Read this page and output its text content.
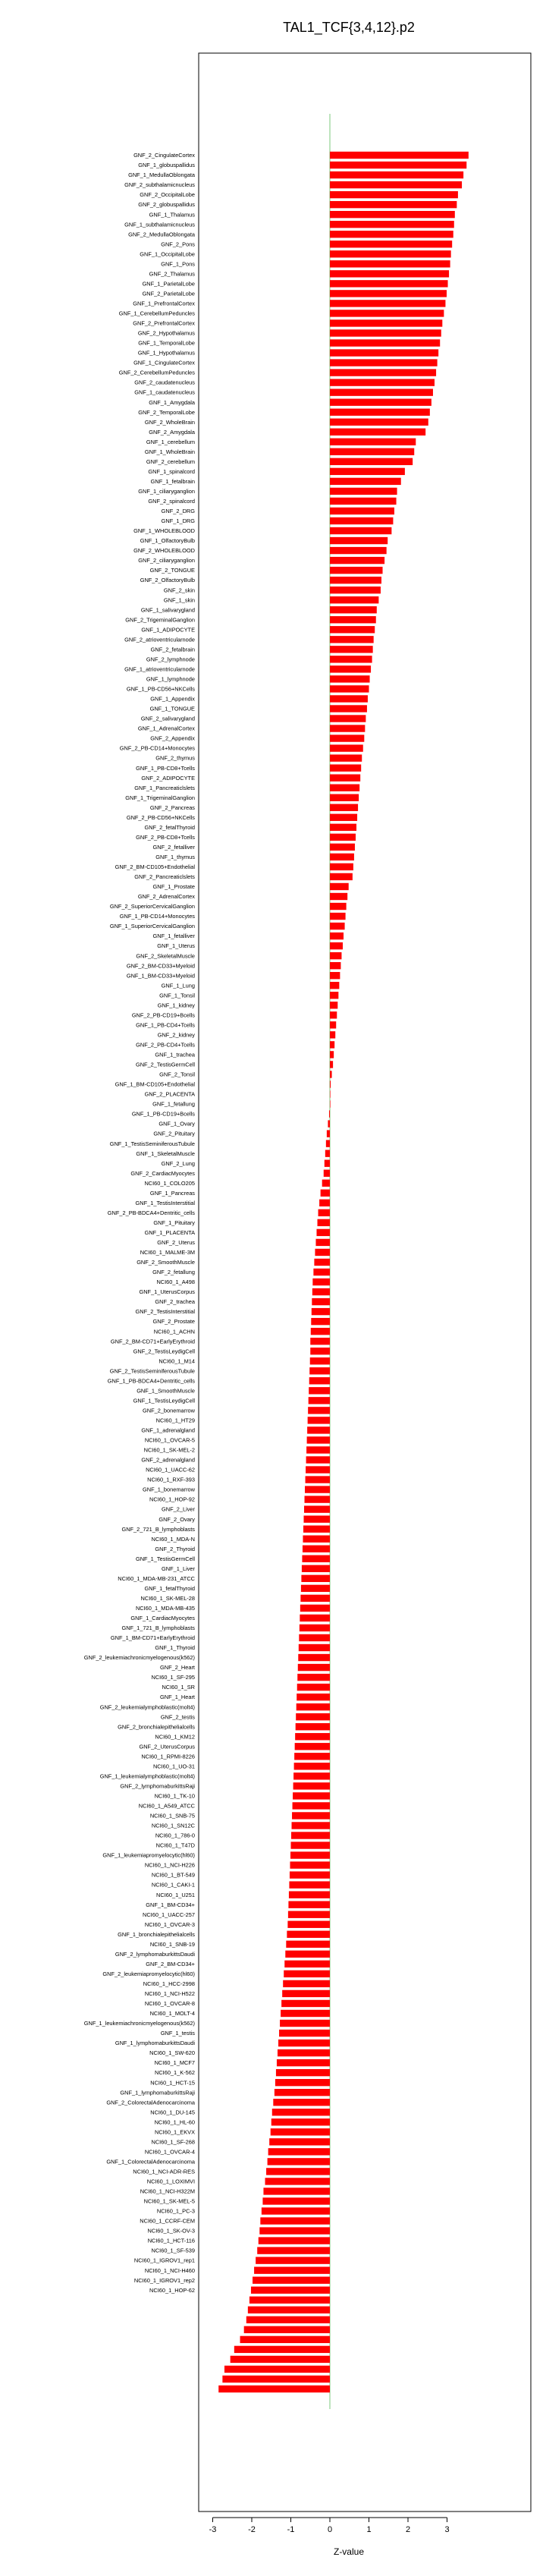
TAL1_TCF{3,4,12}.p2
GNF_2_CingulateCortex
GNF_1_globuspallidus
GNF_1_MedullaOblongata
GNF_2_subthalamicnucleus
GNF_2_OccipitalLobe
GNF_2_globuspallidus
GNF_1_Thalamus
GNF_1_subthalamicnucleus
GNF_2_MedullaOblongata
GNF_2_Pons
GNF_1_OccipitalLobe
GNF_1_Pons
GNF_2_Thalamus
GNF_1_ParietalLobe
GNF_2_ParietalLobe
GNF_1_PrefrontalCortex
GNF_1_CerebellumPeduncles
GNF_2_PrefrontalCortex
GNF_2_Hypothalamus
GNF_1_TemporalLobe
GNF_1_Hypothalamus
GNF_1_CingulateCortex
GNF_2_CerebellumPeduncles
GNF_2_caudatenucleus
GNF_1_caudatenucleus
GNF_1_Amygdala
GNF_2_TemporalLobe
GNF_2_WholeBrain
GNF_2_Amygdala
GNF_1_cerebellum
GNF_1_WholeBrain
GNF_2_cerebellum
GNF_1_spinalcord
GNF_1_fetalbrain
GNF_1_ciliaryganglion
GNF_2_spinalcord
GNF_2_DRG
GNF_1_DRG
GNF_1_WHOLEBLOOD
GNF_1_OlfactoryBulb
GNF_2_WHOLEBLOOD
GNF_2_ciliaryganglion
GNF_2_TONGUE
GNF_2_OlfactoryBulb
GNF_2_skin
GNF_1_skin
GNF_1_salivarygland
GNF_2_TrigeminalGanglion
GNF_1_ADIPOCYTE
GNF_2_atrioventricularnode
GNF_2_fetalbrain
GNF_2_lymphnode
GNF_1_atrioventricularnode
GNF_1_lymphnode
GNF_1_PB-CD56+NKCells
GNF_1_Appendix
GNF_1_TONGUE
GNF_2_salivarygland
GNF_1_AdrenalCortex
GNF_2_Appendix
GNF_2_PB-CD14+Monocytes
GNF_2_thymus
GNF_1_PB-CD8+Tcells
GNF_2_ADIPOCYTE
GNF_1_Pancreaticlslets
GNF_1_TrigeminalGanglion
GNF_2_Pancreas
GNF_2_PB-CD56+NKCells
GNF_2_fetalThyroid
GNF_2_PB-CD8+Tcells
GNF_2_fetalliver
GNF_1_thymus
GNF_2_BM-CD105+Endothelial
GNF_2_Pancreaticlslets
GNF_1_Prostate
GNF_2_AdrenalCortex
GNF_2_SuperiorCervicalGanglion
GNF_1_PB-CD14+Monocytes
GNF_1_SuperiorCervicalGanglion
GNF_1_fetalliver
GNF_1_Uterus
GNF_2_SkeletalMuscle
GNF_2_BM-CD33+Myeloid
GNF_1_BM-CD33+Myeloid
GNF_1_Lung
GNF_1_Tonsil
GNF_1_kidney
GNF_2_PB-CD19+Bcells
GNF_1_PB-CD4+Tcells
GNF_2_kidney
GNF_2_PB-CD4+Tcells
GNF_1_trachea
GNF_2_TestisGermCell
GNF_2_Tonsil
GNF_1_BM-CD105+Endothelial
GNF_2_PLACENTA
GNF_1_fetallung
GNF_1_PB-CD19+Bcells
GNF_1_Ovary
GNF_2_Pituitary
GNF_1_TestisSeminiferousTubule
GNF_1_SkeletalMuscle
GNF_2_Lung
GNF_2_CardiacMyocytes
NCI60_1_COLO205
GNF_1_Pancreas
GNF_1_TestisInterstitial
GNF_2_PB-BDCA4+Dentritic_cells
GNF_1_Pituitary
GNF_1_PLACENTA
GNF_2_Uterus
NCI60_1_MALME-3M
GNF_2_SmoothMuscle
GNF_2_fetallung
NCI60_1_A498
GNF_1_UterusCorpus
GNF_2_trachea
GNF_2_TestisInterstitial
GNF_2_Prostate
NCI60_1_ACHN
GNF_2_BM-CD71+EarlyErythroid
GNF_2_TestisLeydigCell
NCI60_1_M14
GNF_2_TestisSeminiferousTubule
GNF_1_PB-BDCA4+Dentritic_cells
GNF_1_SmoothMuscle
GNF_1_TestisLeydigCell
GNF_2_bonemarrow
NCI60_1_HT29
GNF_1_adrenalgland
NCI60_1_OVCAR-5
NCI60_1_SK-MEL-2
GNF_2_adrenalgland
NCI60_1_UACC-62
NCI60_1_RXF-393
GNF_1_bonemarrow
NCI60_1_HOP-92
GNF_2_Liver
GNF_2_Ovary
GNF_2_721_B_lymphoblasts
NCI60_1_MDA-N
GNF_2_Thyroid
GNF_1_TestisGermCell
GNF_1_Liver
NCI60_1_MDA-MB-231_ATCC
GNF_1_fetalThyroid
NCI60_1_SK-MEL-28
NCI60_1_MDA-MB-435
GNF_1_CardiacMyocytes
GNF_1_721_B_lymphoblasts
GNF_1_BM-CD71+EarlyErythroid
GNF_1_Thyroid
GNF_2_leukemiachronicmyelogenous(k562)
GNF_2_Heart
NCI60_1_SF-295
NCI60_1_SR
GNF_1_Heart
GNF_2_leukemialymphoblastic(molt4)
GNF_2_testis
GNF_2_bronchialepithelialcells
NCI60_1_KM12
GNF_2_UterusCorpus
NCI60_1_RPMI-8226
NCI60_1_UO-31
GNF_1_leukemialymphoblastic(molt4)
GNF_2_lymphomaburkittsRaji
NCI60_1_TK-10
NCI60_1_A549_ATCC
NCI60_1_SNB-75
NCI60_1_SN12C
NCI60_1_786-0
NCI60_1_T47D
GNF_1_leukemiapromyelocytic(hl60)
NCI60_1_NCI-H226
NCI60_1_BT-549
NCI60_1_CAKI-1
NCI60_1_U251
GNF_1_BM-CD34+
NCI60_1_UACC-257
NCI60_1_OVCAR-3
GNF_1_bronchialepithelialcells
NCI60_1_SNB-19
GNF_2_lymphomaburkittsDaudi
GNF_2_BM-CD34+
GNF_2_leukemiapromyelocytic(hl60)
NCI60_1_HCC-2998
NCI60_1_NCI-H522
NCI60_1_OVCAR-8
NCI60_1_MOLT-4
GNF_1_leukemiachronicmyelogenous(k562)
GNF_1_testis
GNF_1_lymphomaburkittsDaudi
NCI60_1_SW-620
NCI60_1_MCF7
NCI60_1_K-562
NCI60_1_HCT-15
GNF_1_lymphomaburkittsRaji
GNF_2_ColorectalAdenocarcinoma
NCI60_1_DU-145
NCI60_1_HL-60
NCI60_1_EKVX
NCI60_1_SF-268
NCI60_1_OVCAR-4
GNF_1_ColorectalAdenocarcinoma
NCI60_1_NCI-ADR-RES
NCI60_1_LOXIMVI
NCI60_1_NCI-H322M
NCI60_1_SK-MEL-5
NCI60_1_PC-3
NCI60_1_CCRF-CEM
NCI60_1_SK-OV-3
NCI60_1_HCT-116
NCI60_1_SF-539
NCI60_1_IGROV1_rep1
NCI60_1_NCI-H460
NCI60_1_IGROV1_rep2
NCI60_1_HOP-62
-3	-2	-1	0	1	2	3
Z-value
